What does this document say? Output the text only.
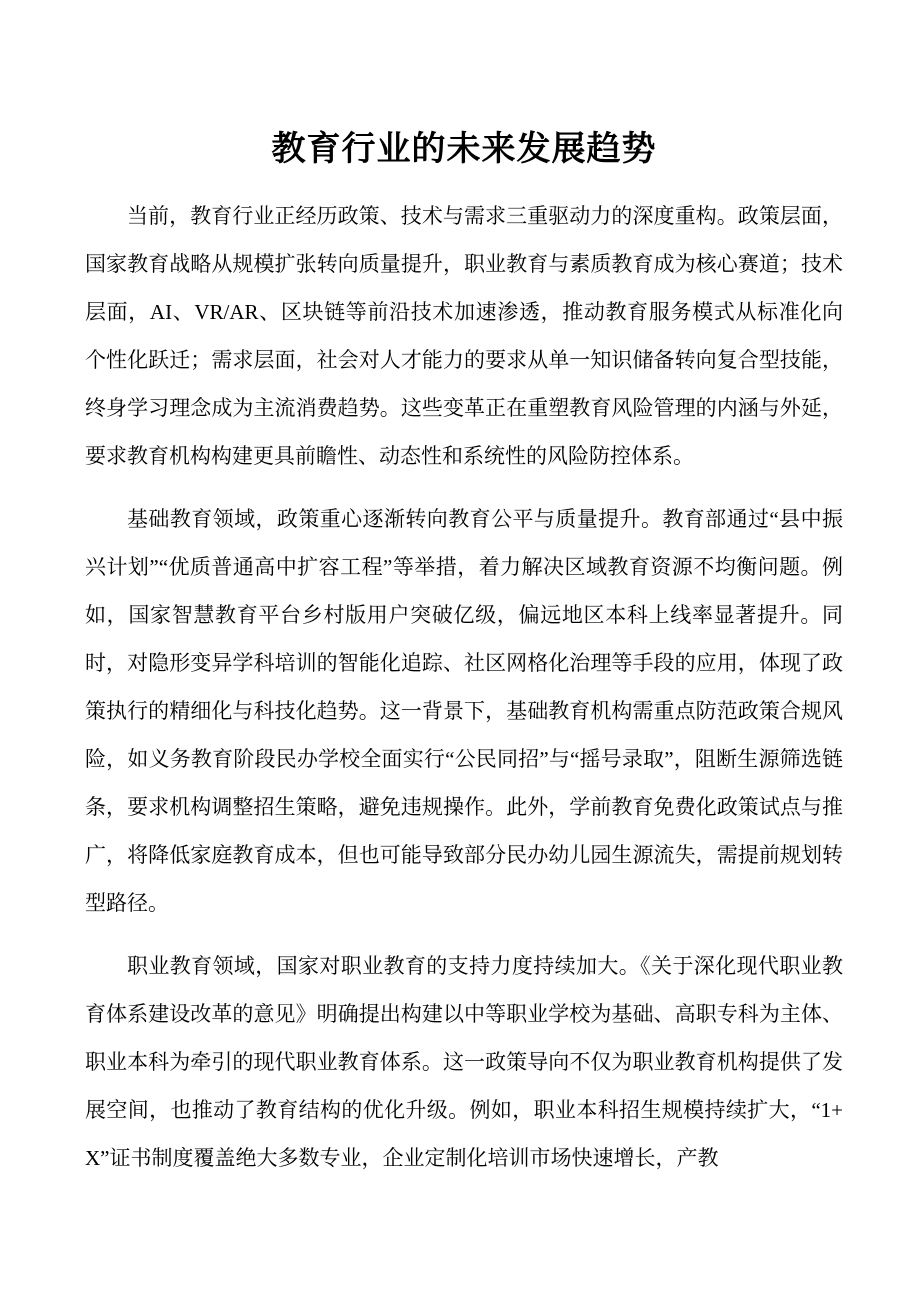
教育行业的未来发展趋势

当前，教育行业正经历政策、技术与需求三重驱动力的深度重构。政策层面，国家教育战略从规模扩张转向质量提升，职业教育与素质教育成为核心赛道；技术层面，AI、VR/AR、区块链等前沿技术加速渗透，推动教育服务模式从标准化向个性化跃迁；需求层面，社会对人才能力的要求从单一知识储备转向复合型技能，终身学习理念成为主流消费趋势。这些变革正在重塑教育风险管理的内涵与外延，要求教育机构构建更具前瞻性、动态性和系统性的风险防控体系。

基础教育领域，政策重心逐渐转向教育公平与质量提升。教育部通过“县中振兴计划”“优质普通高中扩容工程”等举措，着力解决区域教育资源不均衡问题。例如，国家智慧教育平台乡村版用户突破亿级，偏远地区本科上线率显著提升。同时，对隐形变异学科培训的智能化追踪、社区网格化治理等手段的应用，体现了政策执行的精细化与科技化趋势。这一背景下，基础教育机构需重点防范政策合规风险，如义务教育阶段民办学校全面实行“公民同招”与“摇号录取”，阻断生源筛选链条，要求机构调整招生策略，避免违规操作。此外，学前教育免费化政策试点与推广，将降低家庭教育成本，但也可能导致部分民办幼儿园生源流失，需提前规划转型路径。

职业教育领域，国家对职业教育的支持力度持续加大。《关于深化现代职业教育体系建设改革的意见》明确提出构建以中等职业学校为基础、高职专科为主体、职业本科为牵引的现代职业教育体系。这一政策导向不仅为职业教育机构提供了发展空间，也推动了教育结构的优化升级。例如，职业本科招生规模持续扩大，“1+X”证书制度覆盖绝大多数专业，企业定制化培训市场快速增长，产教
